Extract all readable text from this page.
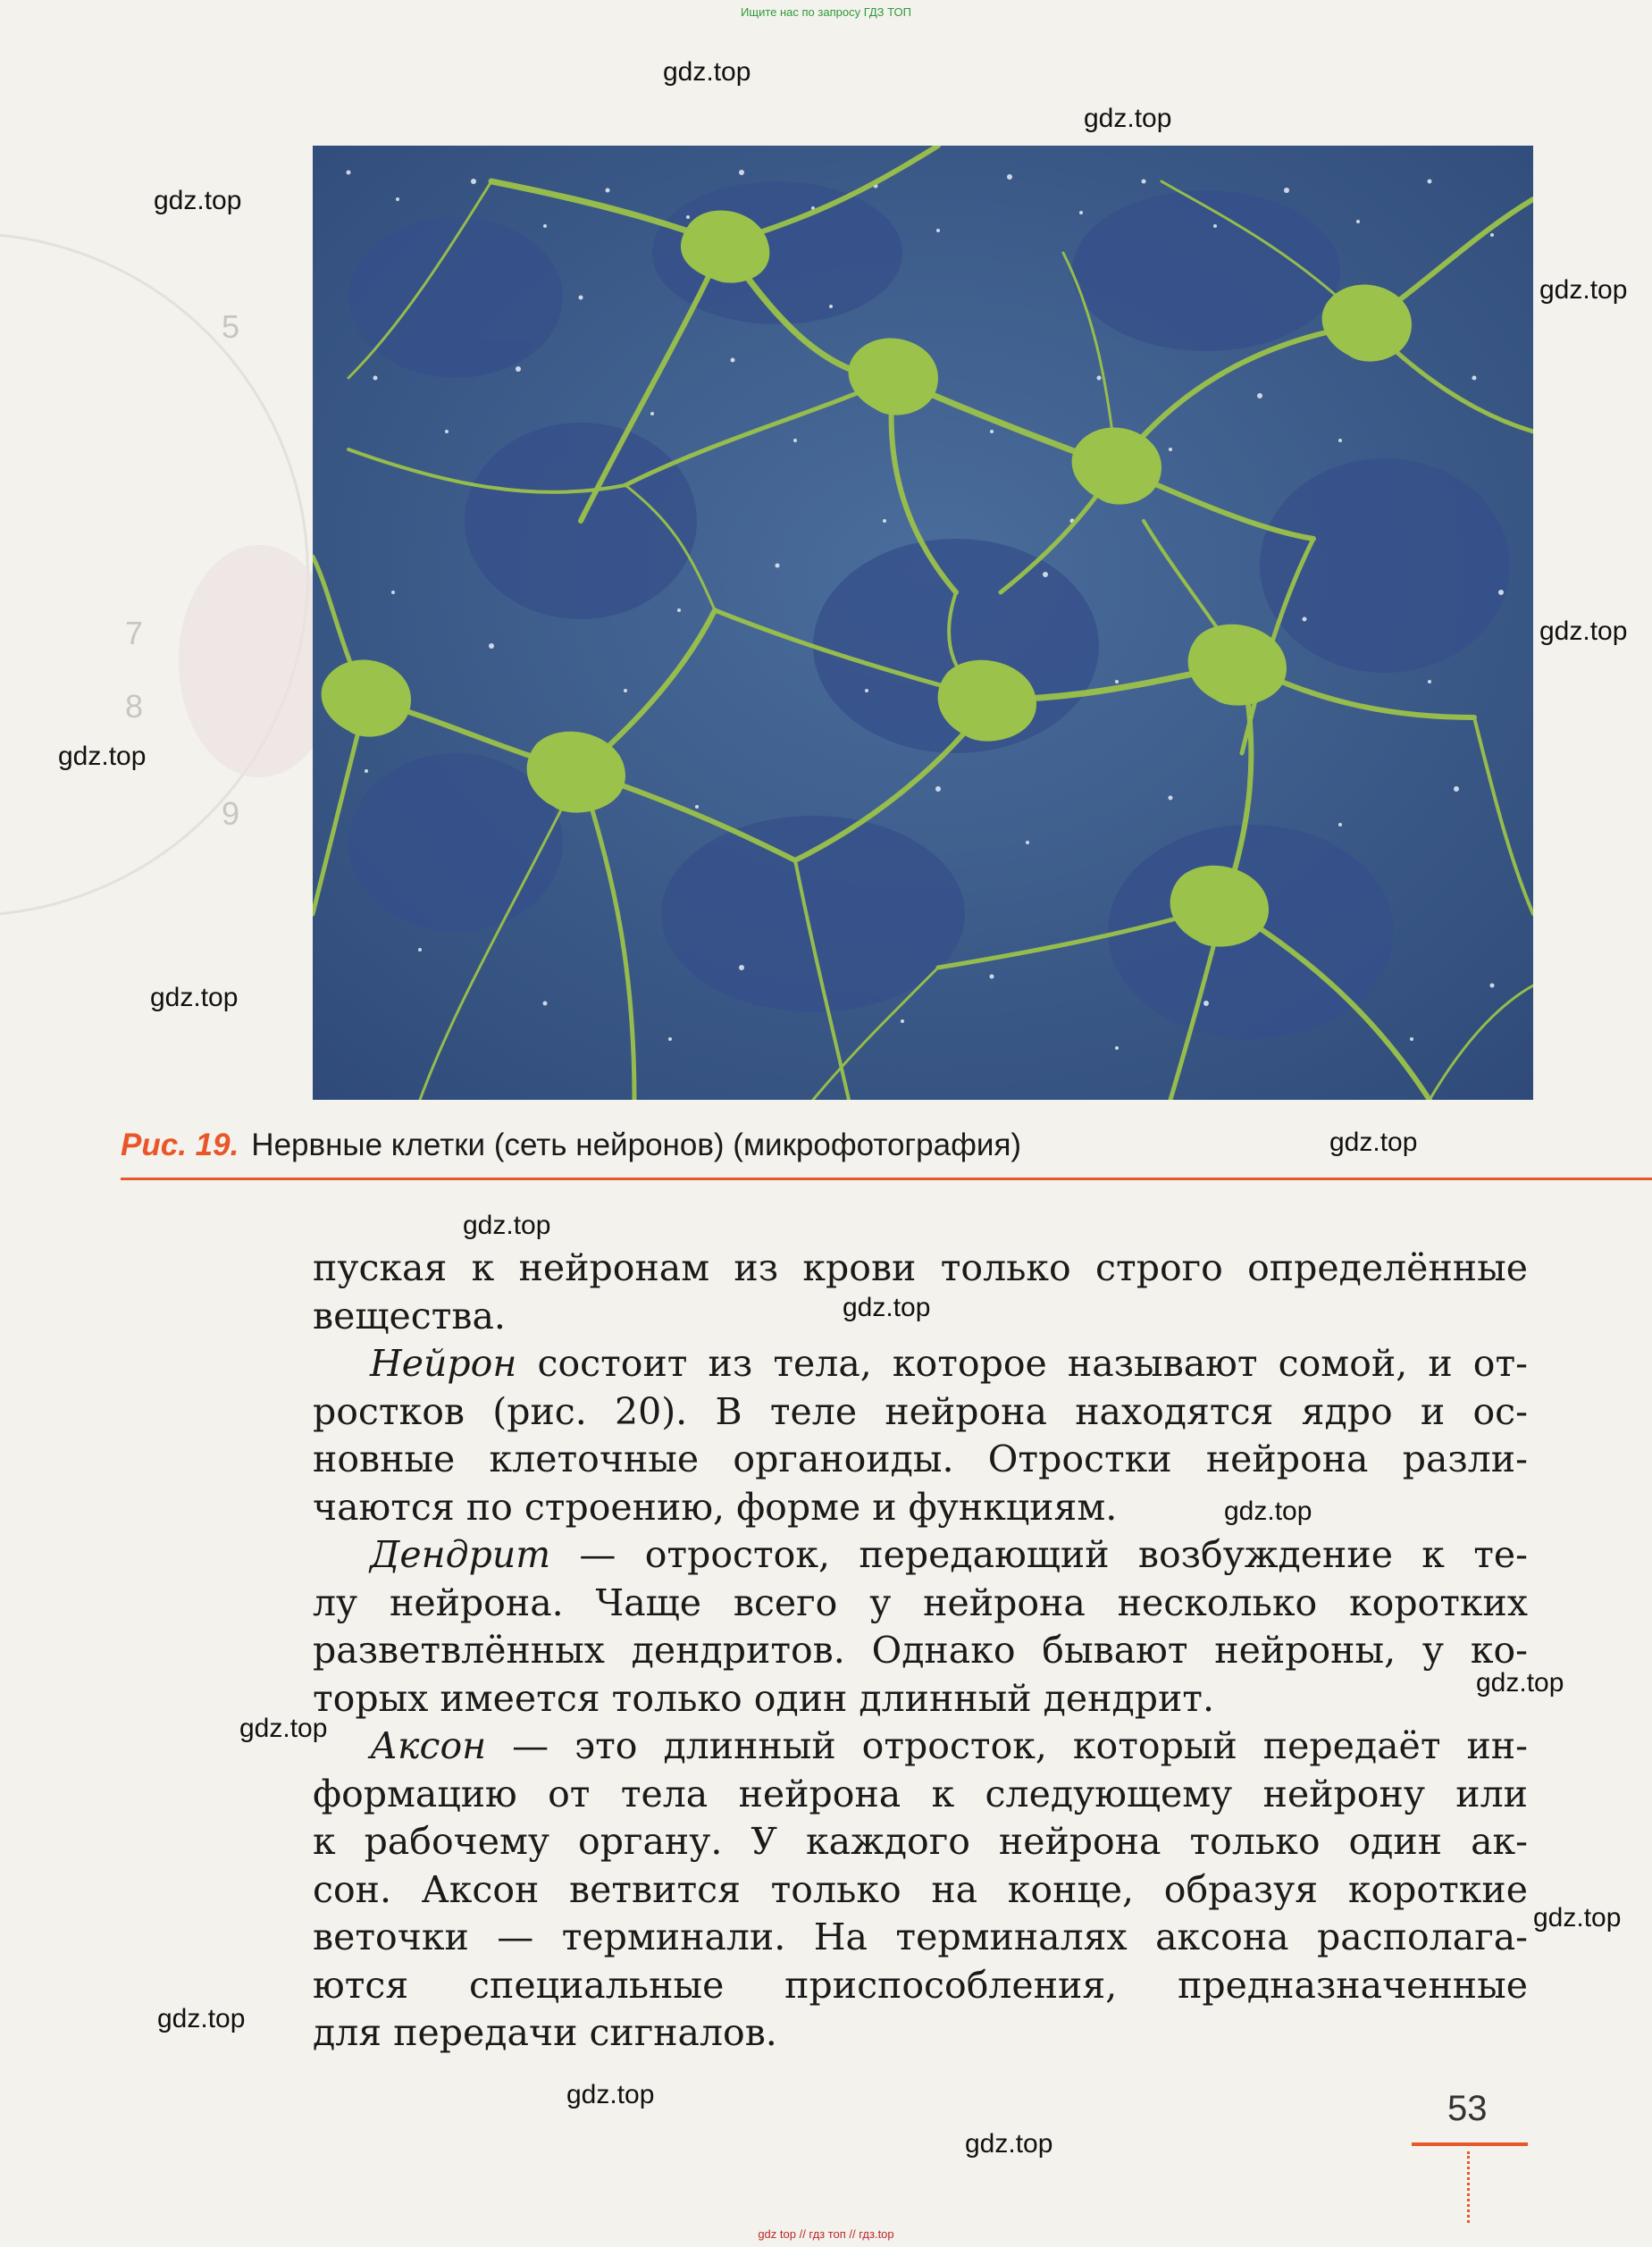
Ищите нас по запросу ГДЗ ТОП
5
7
8
9
Рис. 19. Нервные клетки (сеть нейронов) (микрофотография)

пуская к нейронам из крови только строго определённые

вещества.

Нейрон состоит из тела, которое называют сомой, и от-

ростков (рис. 20). В теле нейрона находятся ядро и ос-

новные клеточные органоиды. Отростки нейрона разли-

чаются по строению, форме и функциям.

Дендрит — отросток, передающий возбуждение к те-

лу нейрона. Чаще всего у нейрона несколько коротких

разветвлённых дендритов. Однако бывают нейроны, у ко-

торых имеется только один длинный дендрит.

Аксон — это длинный отросток, который передаёт ин-

формацию от тела нейрона к следующему нейрону или

к рабочему органу. У каждого нейрона только один ак-

сон. Аксон ветвится только на конце, образуя короткие

веточки — терминали. На терминалях аксона располага-

ются специальные приспособления, предназначенные

для передачи сигналов.

53
gdz.top
gdz.top
gdz.top
gdz.top
gdz.top
gdz.top
gdz.top
gdz.top
gdz.top
gdz.top
gdz.top
gdz.top
gdz.top
gdz.top
gdz.top
gdz.top
gdz.top
gdz top // гдз топ // гдз.top
